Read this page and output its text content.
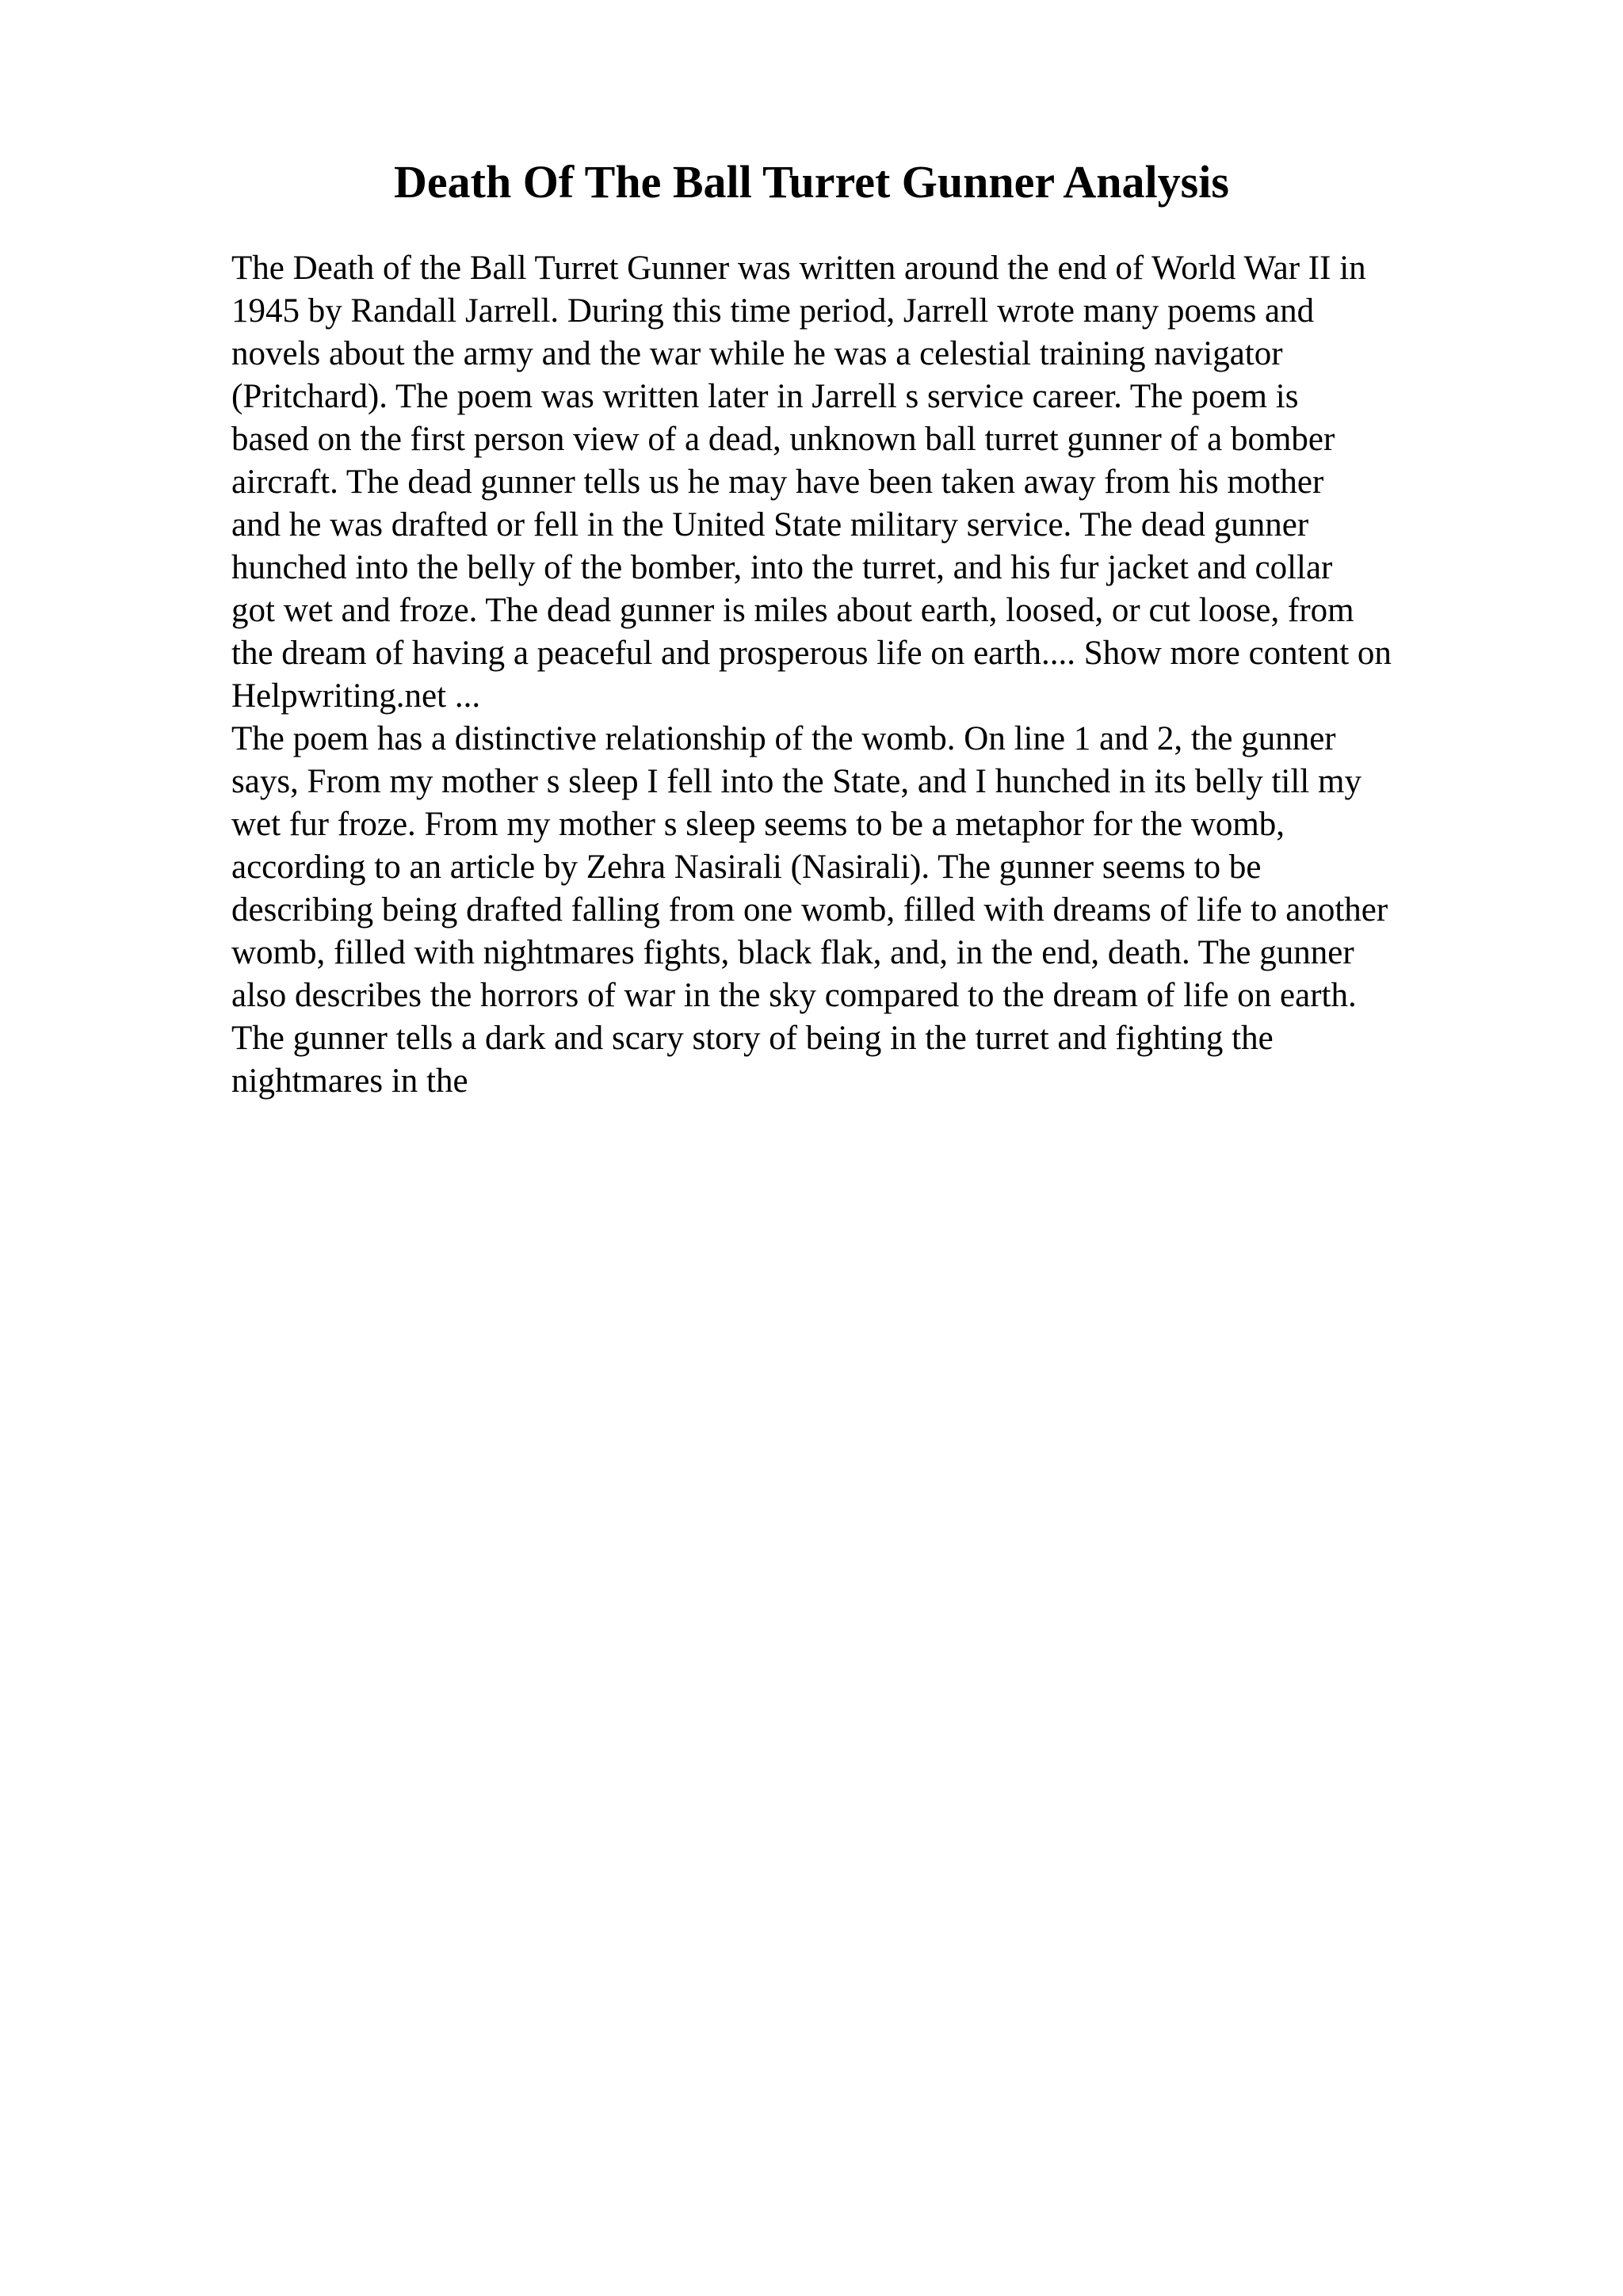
Death Of The Ball Turret Gunner Analysis
The Death of the Ball Turret Gunner was written around the end of World War II in
1945 by Randall Jarrell. During this time period, Jarrell wrote many poems and
novels about the army and the war while he was a celestial training navigator
(Pritchard). The poem was written later in Jarrell s service career. The poem is
based on the first person view of a dead, unknown ball turret gunner of a bomber
aircraft. The dead gunner tells us he may have been taken away from his mother
and he was drafted or fell in the United State military service. The dead gunner
hunched into the belly of the bomber, into the turret, and his fur jacket and collar
got wet and froze. The dead gunner is miles about earth, loosed, or cut loose, from
the dream of having a peaceful and prosperous life on earth.... Show more content on
Helpwriting.net ...
The poem has a distinctive relationship of the womb. On line 1 and 2, the gunner
says, From my mother s sleep I fell into the State, and I hunched in its belly till my
wet fur froze. From my mother s sleep seems to be a metaphor for the womb,
according to an article by Zehra Nasirali (Nasirali). The gunner seems to be
describing being drafted falling from one womb, filled with dreams of life to another
womb, filled with nightmares fights, black flak, and, in the end, death. The gunner
also describes the horrors of war in the sky compared to the dream of life on earth.
The gunner tells a dark and scary story of being in the turret and fighting the
nightmares in the
